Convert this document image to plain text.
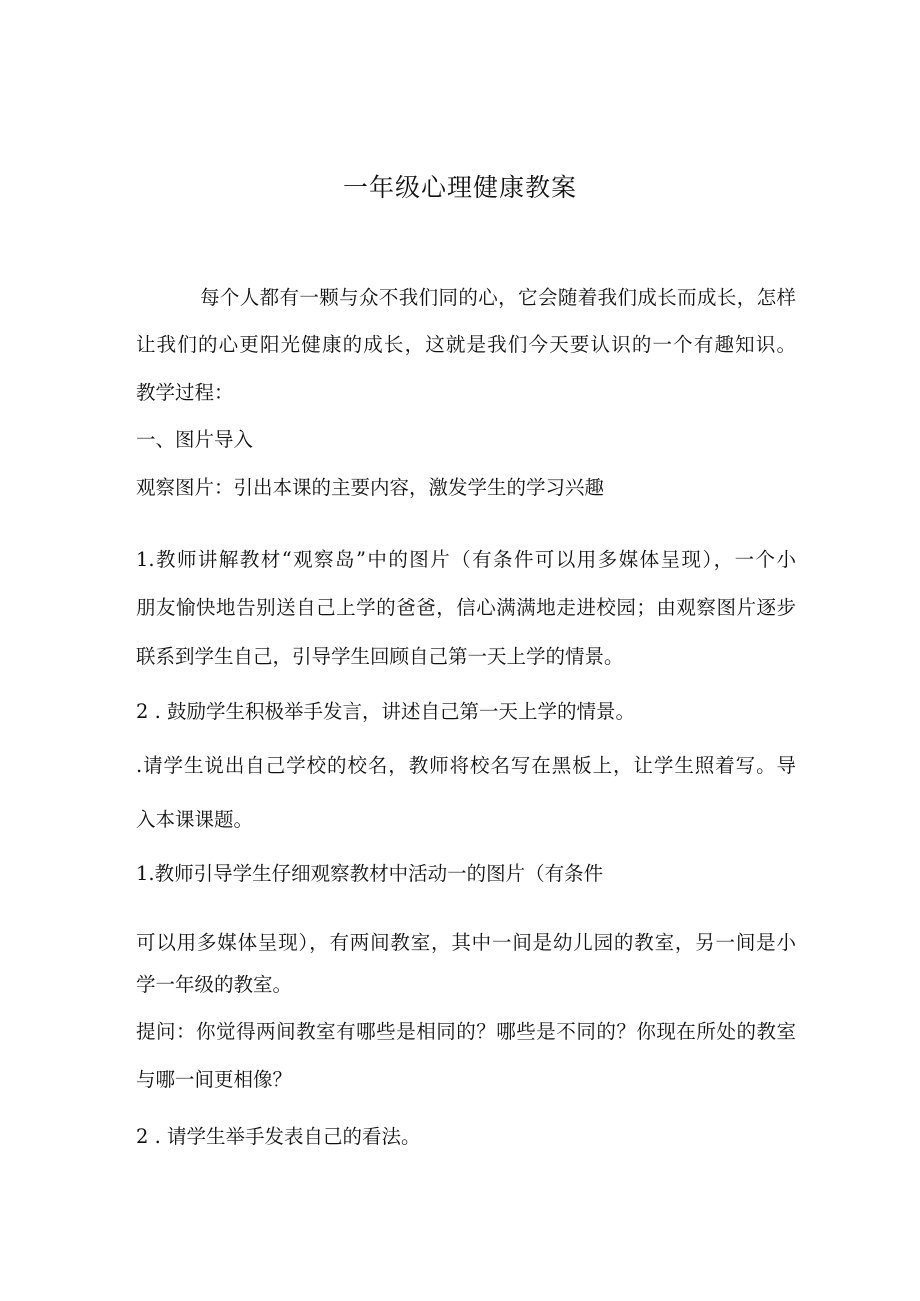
一年级心理健康教案
每个人都有一颗与众不我们同的心，它会随着我们成长而成长，怎样
让我们的心更阳光健康的成长，这就是我们今天要认识的一个有趣知识。
教学过程：
一、图片导入
观察图片：引出本课的主要内容，激发学生的学习兴趣
1.教师讲解教材“观察岛”中的图片（有条件可以用多媒体呈现），一个小
朋友愉快地告别送自己上学的爸爸，信心满满地走进校园；由观察图片逐步
联系到学生自己，引导学生回顾自己第一天上学的情景。
2 . 鼓励学生积极举手发言，讲述自己第一天上学的情景。
.请学生说出自己学校的校名，教师将校名写在黑板上，让学生照着写。导
入本课课题。
1.教师引导学生仔细观察教材中活动一的图片（有条件
可以用多媒体呈现），有两间教室，其中一间是幼儿园的教室，另一间是小
学一年级的教室。
提问：你觉得两间教室有哪些是相同的？哪些是不同的？你现在所处的教室
与哪一间更相像？
2 . 请学生举手发表自己的看法。
